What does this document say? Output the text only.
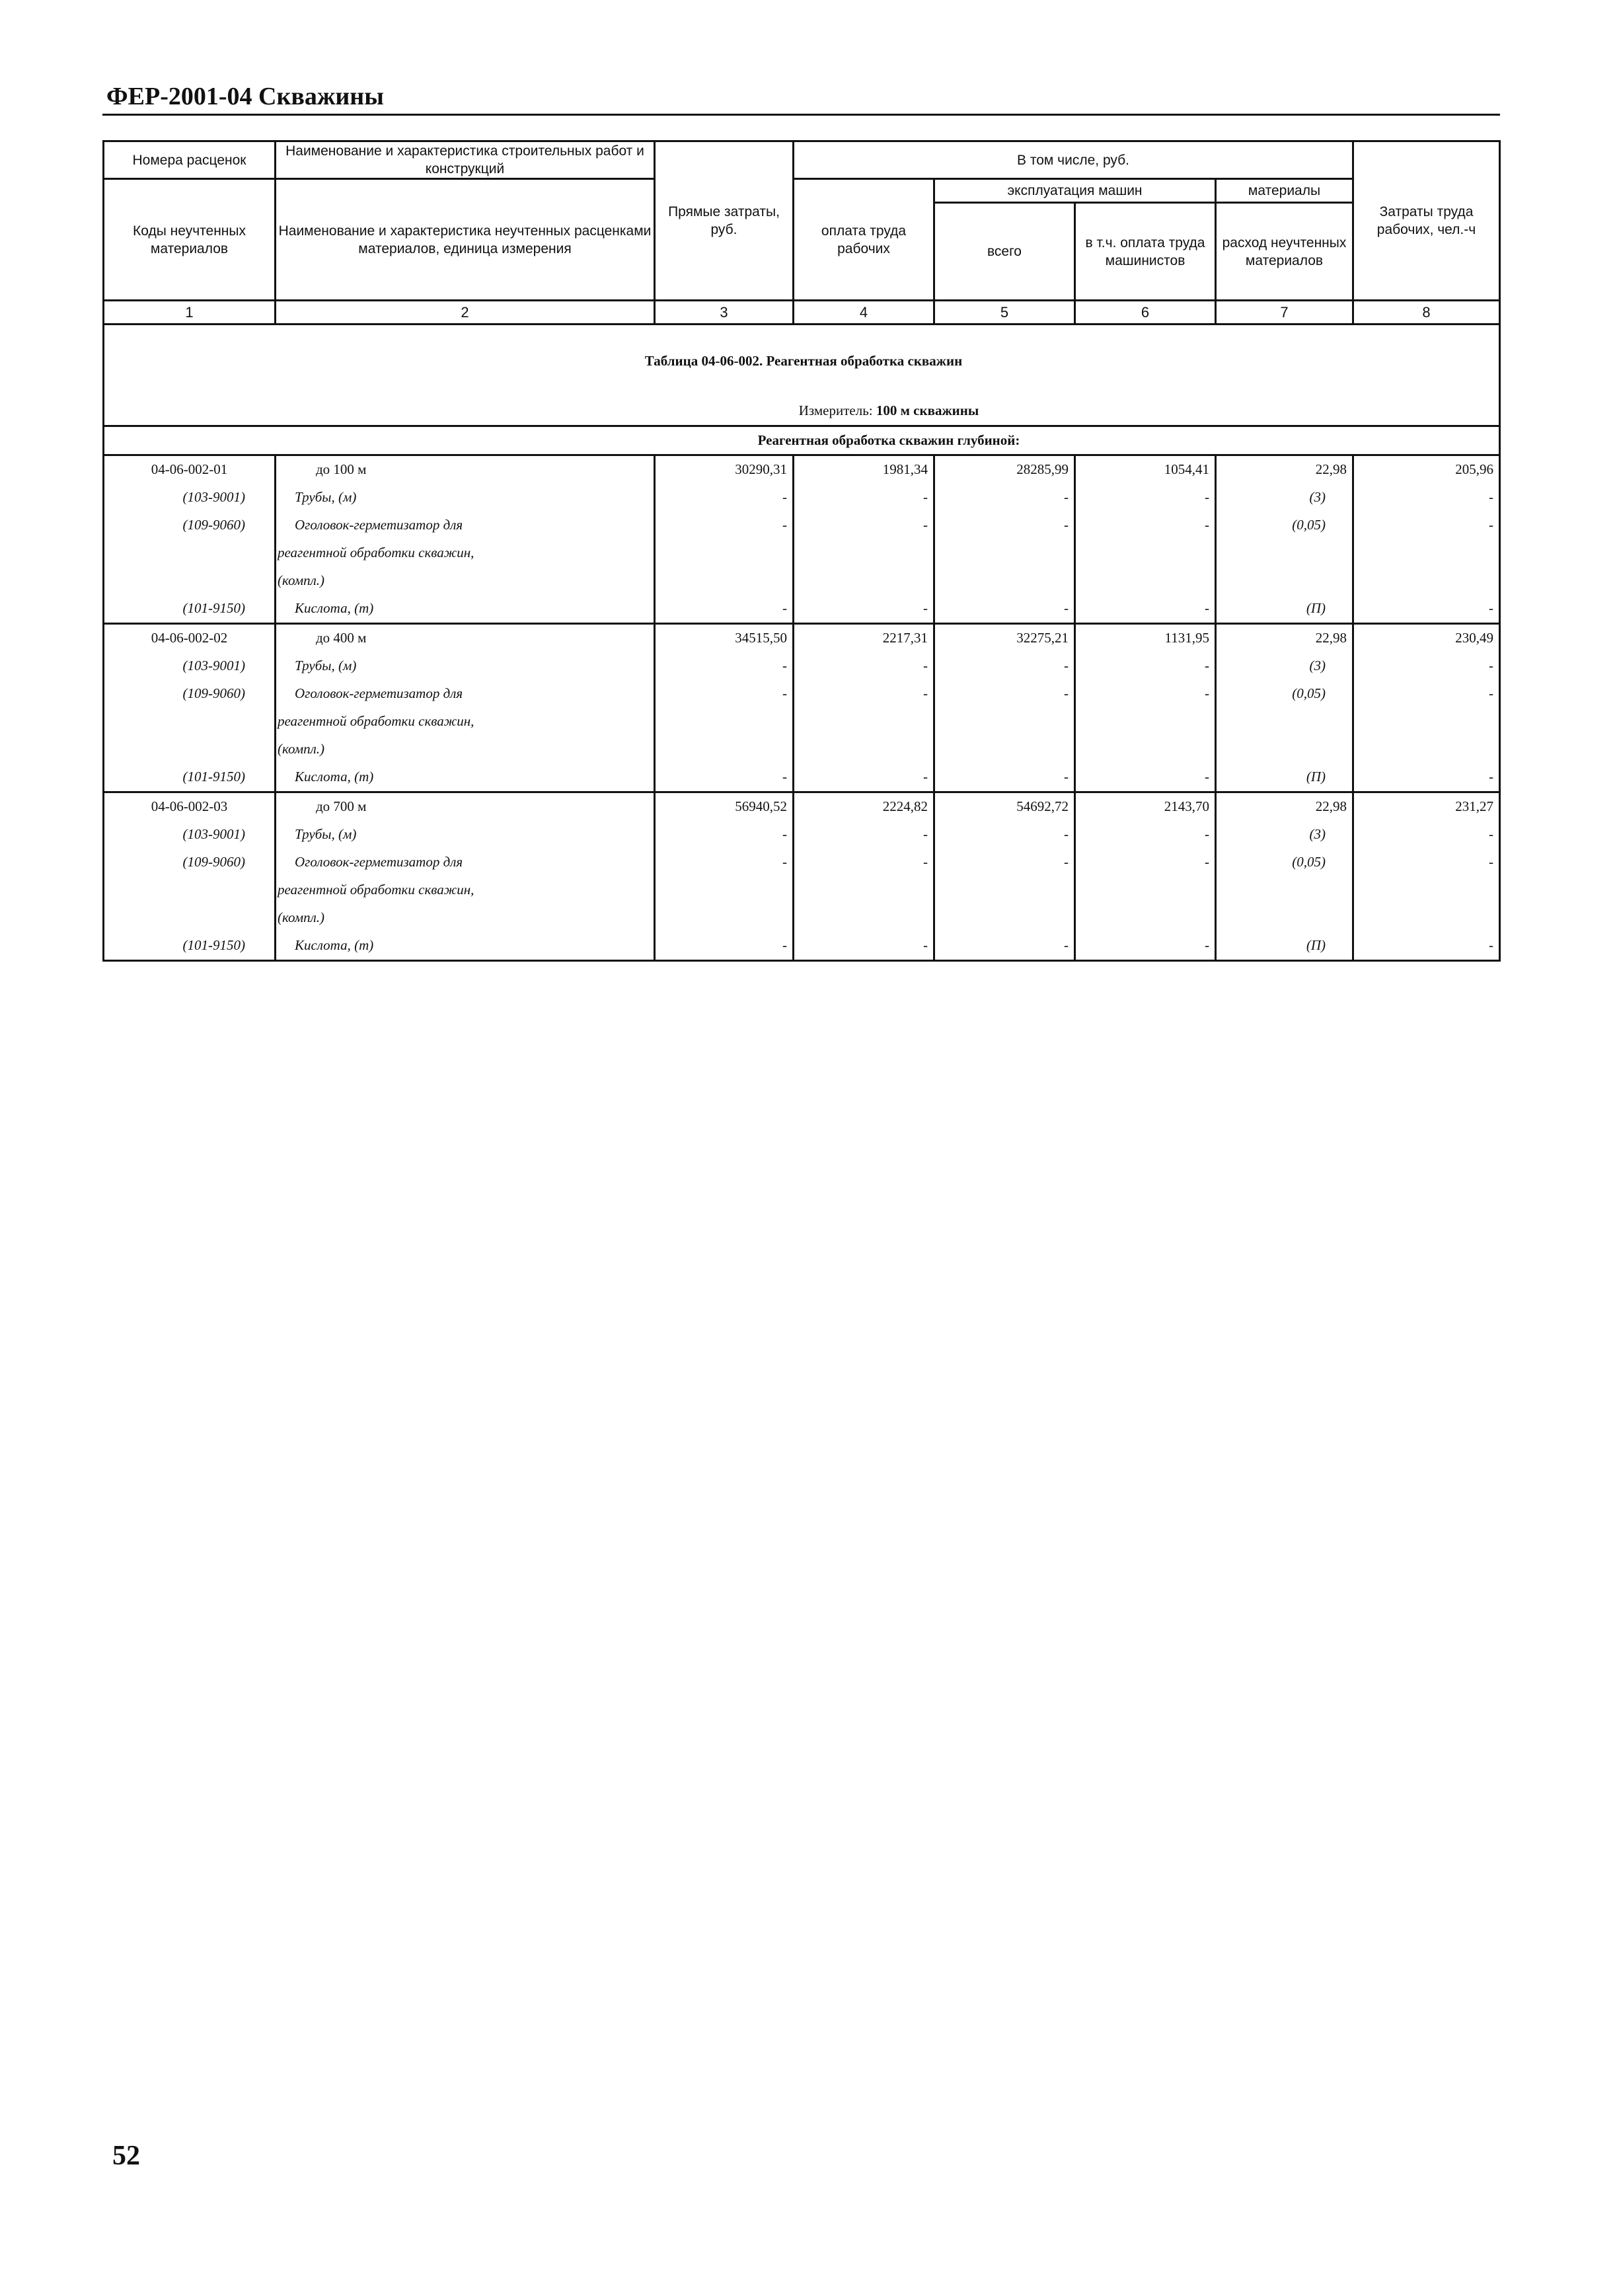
ФЕР-2001-04 Скважины
Номера расценок	Наименование и характеристика строительных работ и конструкций	Прямые затраты, руб.	В том числе, руб.				Затраты труда рабочих, чел.-ч
Коды неучтенных материалов	Наименование и характеристика неучтенных расценками материалов, единица измерения		оплата труда рабочих	эксплуатация машин		материалы	
				всего	в т.ч. оплата труда машинистов	расход неучтенных материалов	
1	2	3	4	5	6	7	8
Таблица 04-06-002. Реагентная обработка скважин							
Измеритель: 100 м скважины							
Реагентная обработка скважин глубиной:							
04-06-002-01	до 100 м	30290,31	1981,34	28285,99	1054,41	22,98	205,96
(103-9001)	Трубы, (м)	-	-	-	-	(3)	-
(109-9060)	Оголовок-герметизатор для	-	-	-	-	(0,05)	-
	реагентной обработки скважин,						
	(компл.)						
(101-9150)	Кислота, (т)	-	-	-	-	(П)	-
04-06-002-02	до 400 м	34515,50	2217,31	32275,21	1131,95	22,98	230,49
(103-9001)	Трубы, (м)	-	-	-	-	(3)	-
(109-9060)	Оголовок-герметизатор для	-	-	-	-	(0,05)	-
	реагентной обработки скважин,						
	(компл.)						
(101-9150)	Кислота, (т)	-	-	-	-	(П)	-
04-06-002-03	до 700 м	56940,52	2224,82	54692,72	2143,70	22,98	231,27
(103-9001)	Трубы, (м)	-	-	-	-	(3)	-
(109-9060)	Оголовок-герметизатор для	-	-	-	-	(0,05)	-
	реагентной обработки скважин,						
	(компл.)						
(101-9150)	Кислота, (т)	-	-	-	-	(П)	-
52
